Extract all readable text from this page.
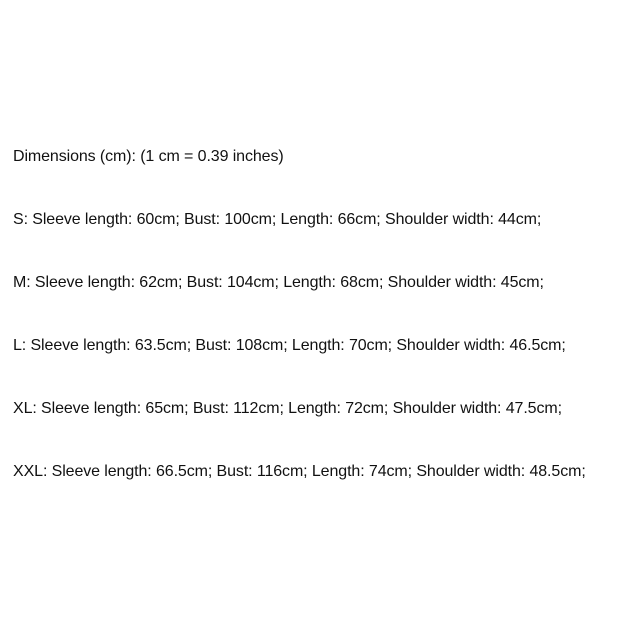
Dimensions (cm): (1 cm = 0.39 inches)
S: Sleeve length: 60cm; Bust: 100cm; Length: 66cm; Shoulder width: 44cm;
M: Sleeve length: 62cm; Bust: 104cm; Length: 68cm; Shoulder width: 45cm;
L: Sleeve length: 63.5cm; Bust: 108cm; Length: 70cm; Shoulder width: 46.5cm;
XL: Sleeve length: 65cm; Bust: 112cm; Length: 72cm; Shoulder width: 47.5cm;
XXL: Sleeve length: 66.5cm; Bust: 116cm; Length: 74cm; Shoulder width: 48.5cm;
